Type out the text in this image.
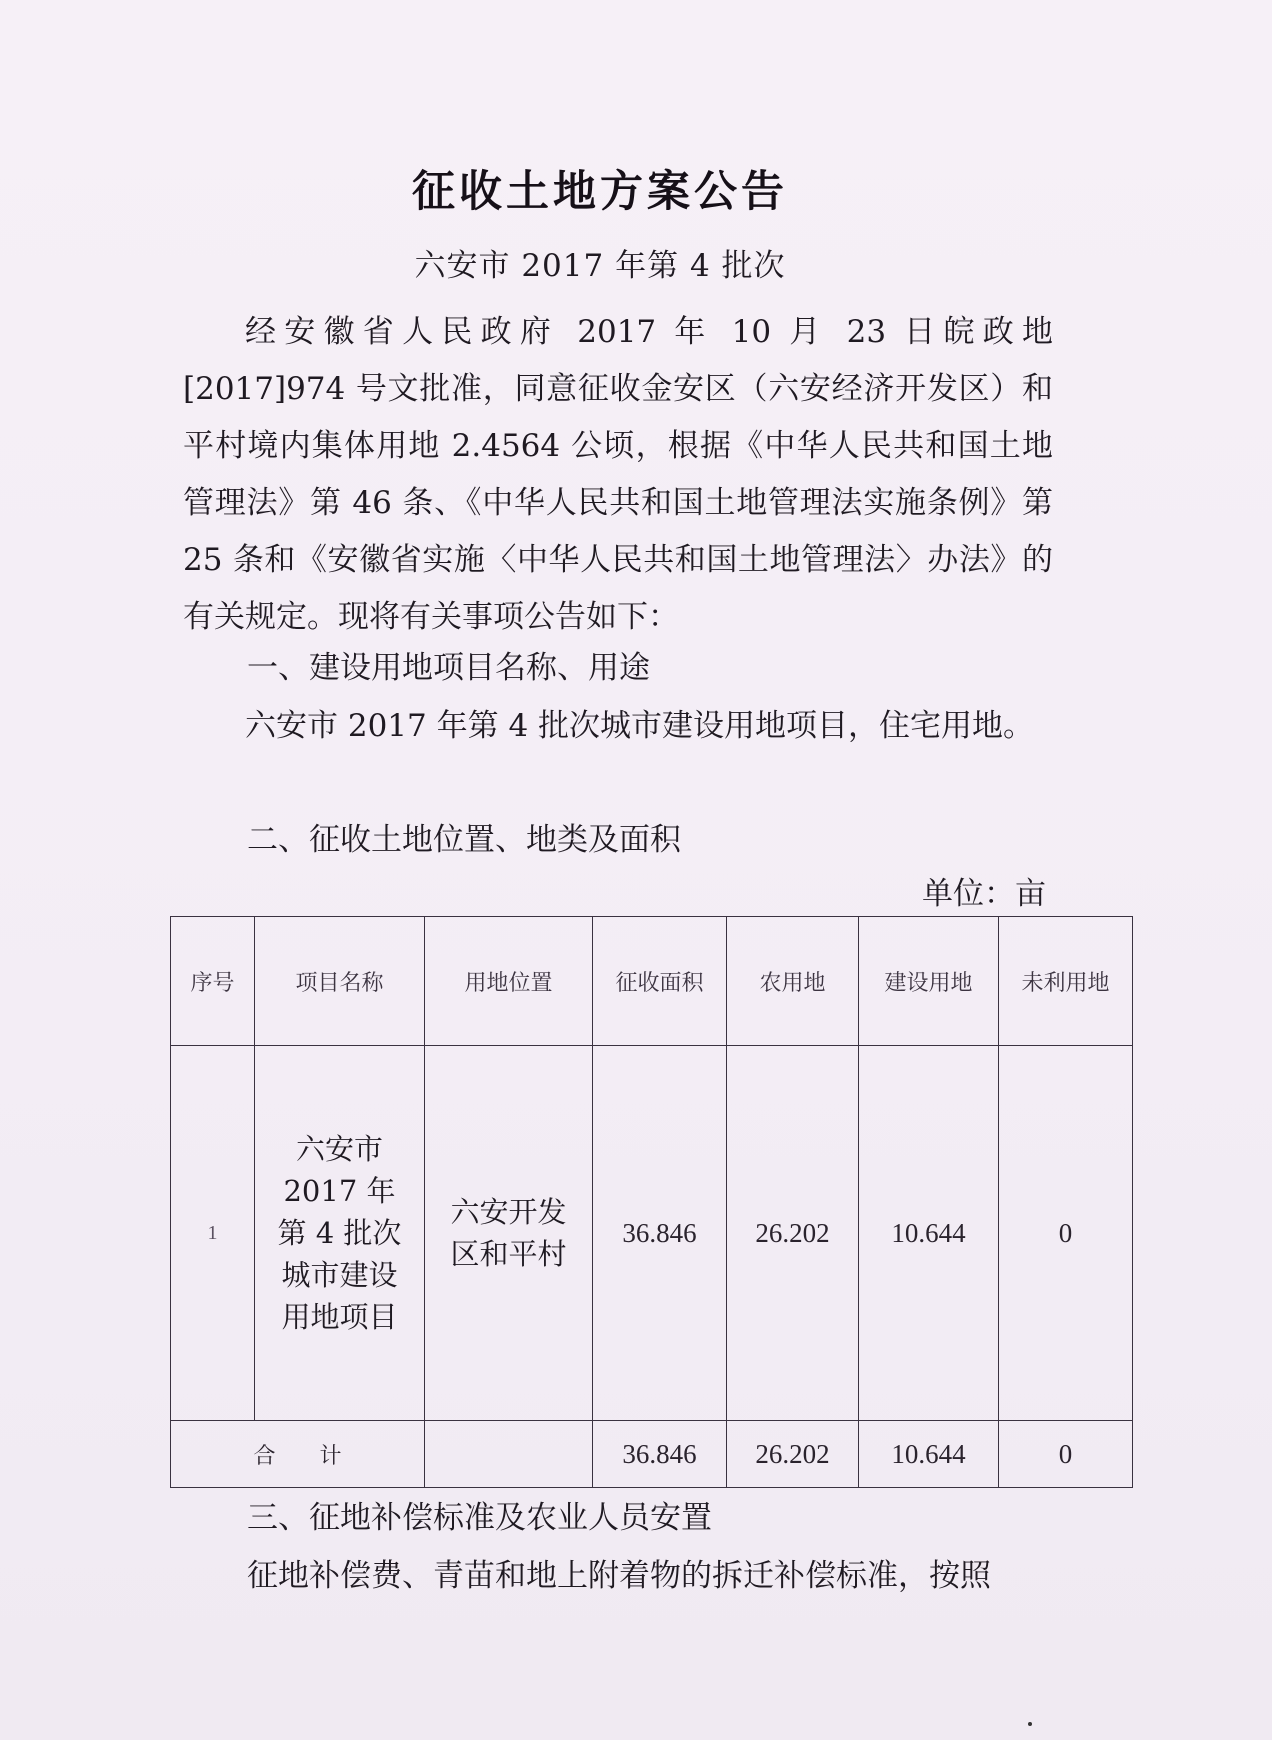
征收土地方案公告
六安市 2017 年第 4 批次
经安徽省人民政府 2017 年 10 月 23 日皖政地[2017]974 号文批准，同意征收金安区（六安经济开发区）和平村境内集体用地 2.4564 公顷，根据《中华人民共和国土地管理法》第 46 条、《中华人民共和国土地管理法实施条例》第 25 条和《安徽省实施〈中华人民共和国土地管理法〉办法》的有关规定。现将有关事项公告如下：
一、建设用地项目名称、用途
六安市 2017 年第 4 批次城市建设用地项目，住宅用地。
二、征收土地位置、地类及面积
单位：亩
序号	项目名称	用地位置	征收面积	农用地	建设用地	未利用地
1	六安市 2017 年第 4 批次城市建设用地项目	六安开发区和平村	36.846	26.202	10.644	0
合　　计			36.846	26.202	10.644	0
三、征地补偿标准及农业人员安置
征地补偿费、青苗和地上附着物的拆迁补偿标准，按照
